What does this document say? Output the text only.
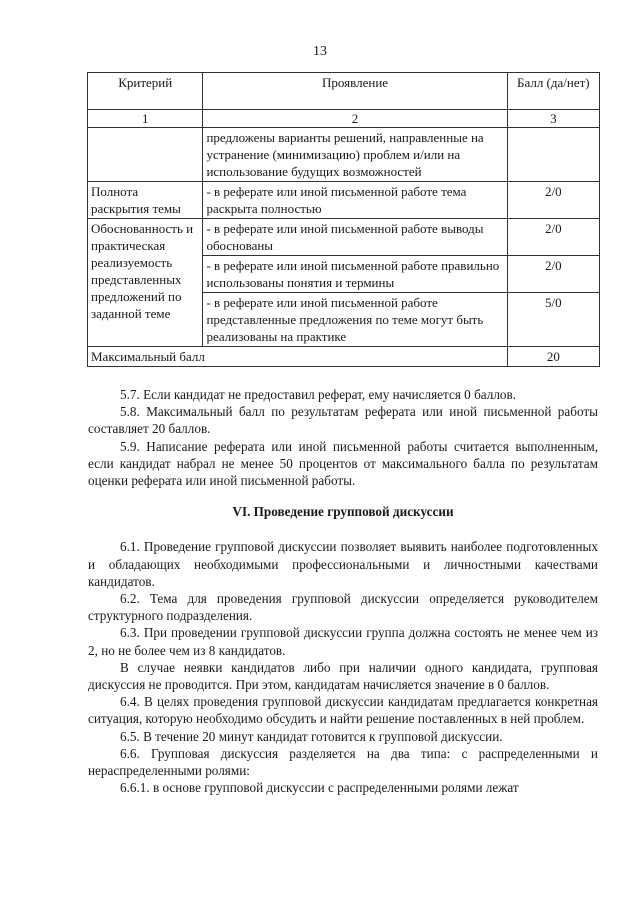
13
Критерий	Проявление	Балл (да/нет)
1	2	3
	предложены варианты решений, направленные на устранение (минимизацию) проблем и/или на использование будущих возможностей	
Полнота раскрытия темы	- в реферате или иной письменной работе тема раскрыта полностью	2/0
Обоснованность и практическая реализуемость представленных предложений по заданной теме	- в реферате или иной письменной работе выводы обоснованы	2/0
	- в реферате или иной письменной работе правильно использованы понятия и термины	2/0
	- в реферате или иной письменной работе представленные предложения по теме могут быть реализованы на практике	5/0
Максимальный балл		20

5.7. Если кандидат не предоставил реферат, ему начисляется 0 баллов.

5.8. Максимальный балл по результатам реферата или иной письменной работы составляет 20 баллов.

5.9. Написание реферата или иной письменной работы считается выполненным, если кандидат набрал не менее 50 процентов от максимального балла по результатам оценки реферата или иной письменной работы.

VI. Проведение групповой дискуссии

6.1. Проведение групповой дискуссии позволяет выявить наиболее подготовленных и обладающих необходимыми профессиональными и личностными качествами кандидатов.

6.2. Тема для проведения групповой дискуссии определяется руководителем структурного подразделения.

6.3. При проведении групповой дискуссии группа должна состоять не менее чем из 2, но не более чем из 8 кандидатов.

В случае неявки кандидатов либо при наличии одного кандидата, групповая дискуссия не проводится. При этом, кандидатам начисляется значение в 0 баллов.

6.4. В целях проведения групповой дискуссии кандидатам предлагается конкретная ситуация, которую необходимо обсудить и найти решение поставленных в ней проблем.

6.5. В течение 20 минут кандидат готовится к групповой дискуссии.

6.6. Групповая дискуссия разделяется на два типа: с распределенными и нераспределенными ролями:

6.6.1. в основе групповой дискуссии с распределенными ролями лежат
